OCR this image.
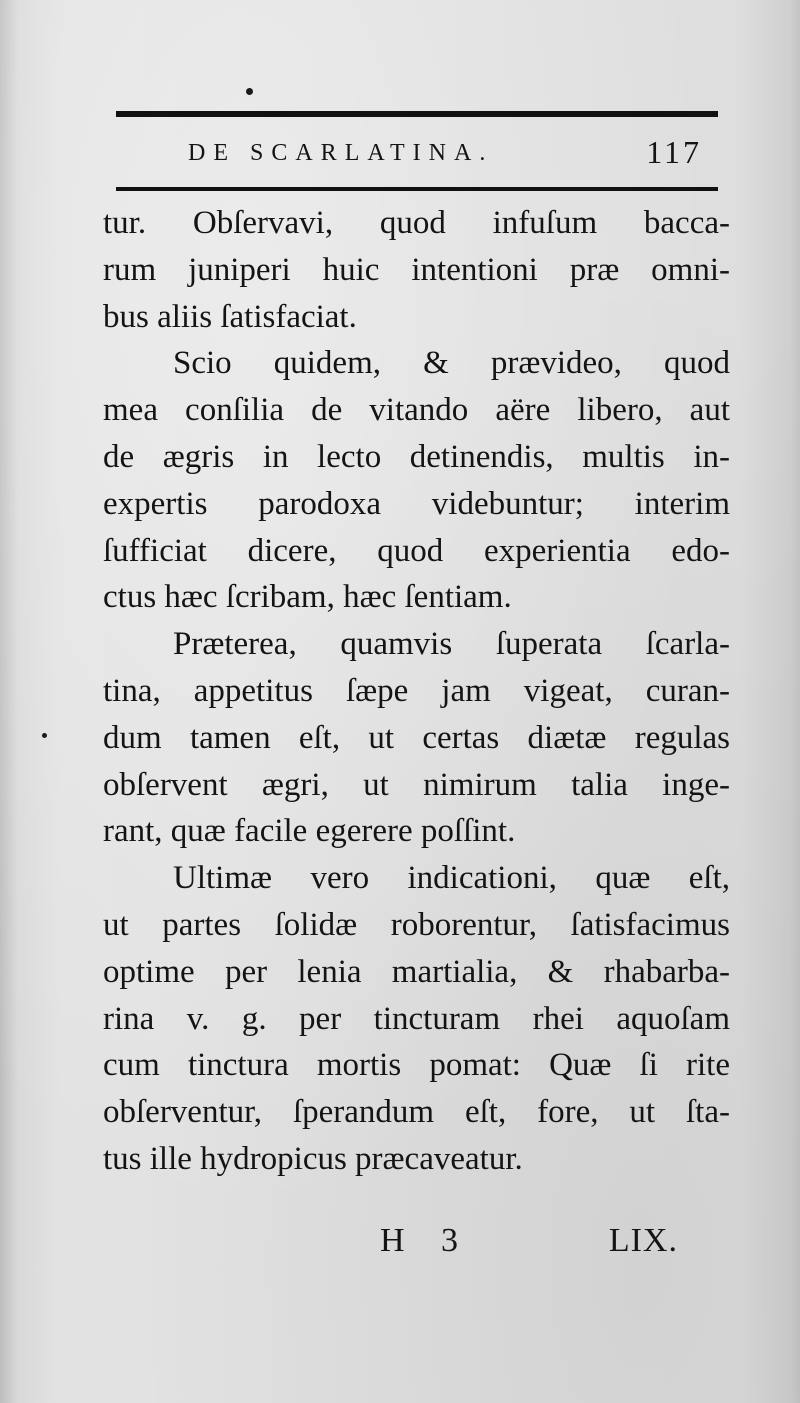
DE SCARLATINA.	117
tur. Obſervavi, quod infuſum bacca-
rum juniperi huic intentioni præ omni-
bus aliis ſatisfaciat.
Scio quidem, & prævideo, quod
mea conſilia de vitando aëre libero, aut
de ægris in lecto detinendis, multis in-
expertis parodoxa videbuntur; interim
ſufficiat dicere, quod experientia edo-
ctus hæc ſcribam, hæc ſentiam.
Præterea, quamvis ſuperata ſcarla-
tina, appetitus ſæpe jam vigeat, curan-
dum tamen eſt, ut certas diætæ regulas
obſervent ægri, ut nimirum talia inge-
rant, quæ facile egerere poſſint.
Ultimæ vero indicationi, quæ eſt,
ut partes ſolidæ roborentur, ſatisfacimus
optime per lenia martialia, & rhabarba-
rina v. g. per tincturam rhei aquoſam
cum tinctura mortis pomat: Quæ ſi rite
obſerventur, ſperandum eſt, fore, ut ſta-
tus ille hydropicus præcaveatur.
H 3	LIX.
